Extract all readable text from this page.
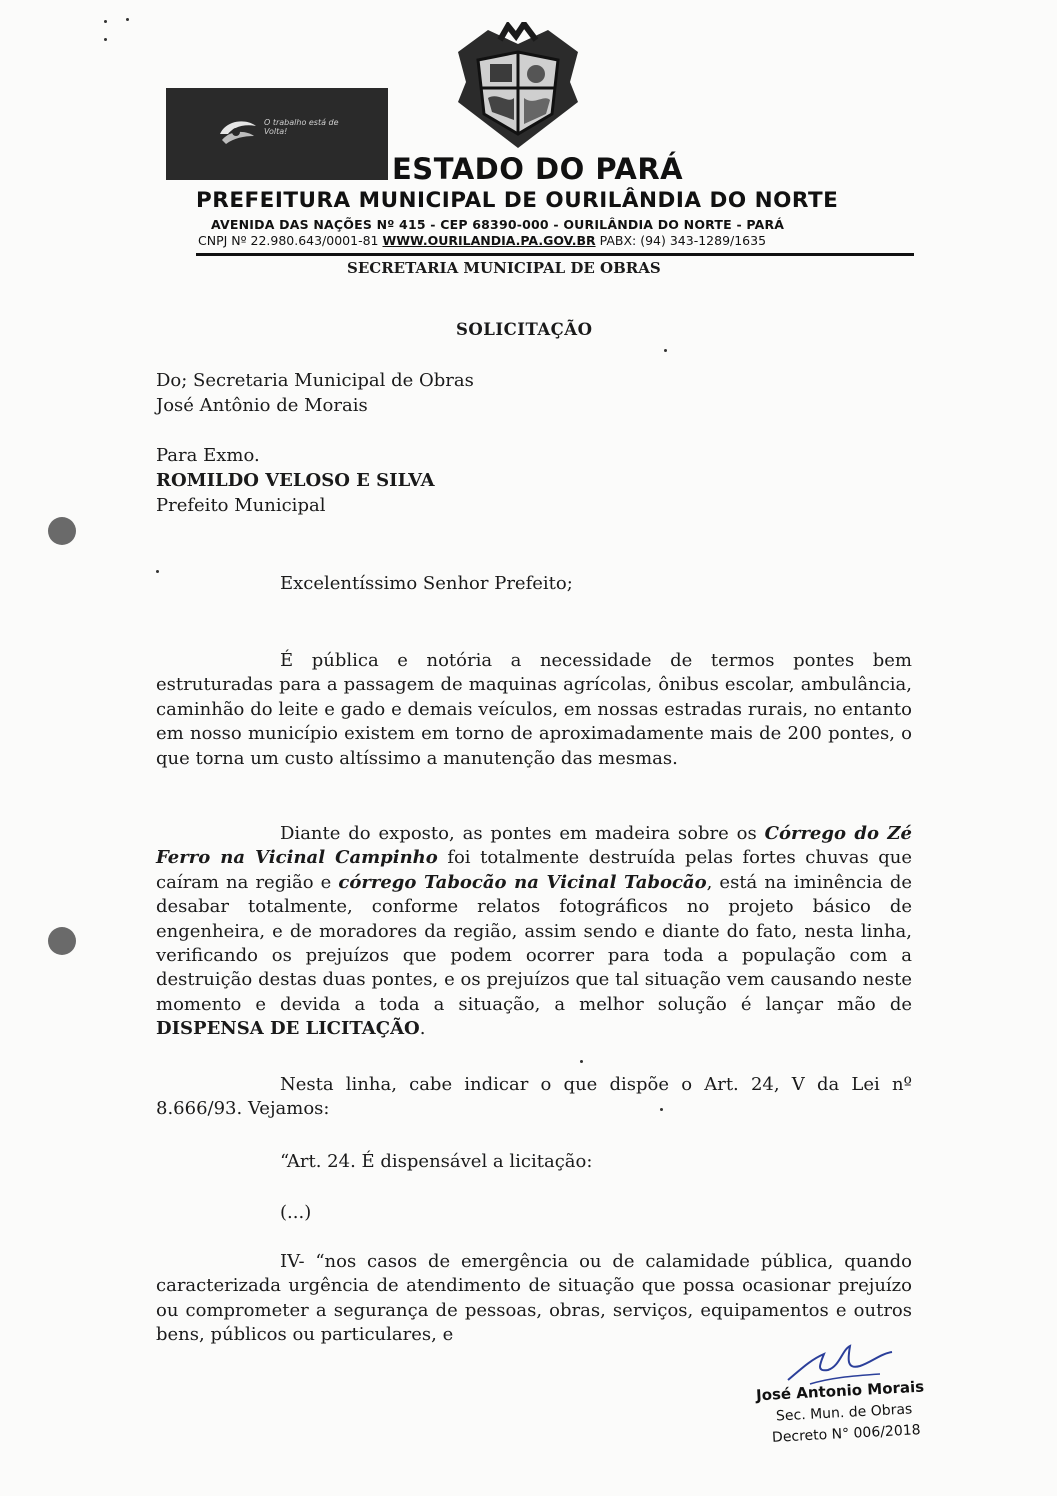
O trabalho está de Volta!
ESTADO DO PARÁ
PREFEITURA MUNICIPAL DE OURILÂNDIA DO NORTE
AVENIDA DAS NAÇÕES Nº 415 - CEP 68390-000 - OURILÂNDIA DO NORTE - PARÁ
CNPJ Nº 22.980.643/0001-81 WWW.OURILANDIA.PA.GOV.BR PABX: (94) 343-1289/1635
SECRETARIA MUNICIPAL DE OBRAS
SOLICITAÇÃO
Do; Secretaria Municipal de Obras
José Antônio de Morais
Para Exmo.
ROMILDO VELOSO E SILVA
Prefeito Municipal
Excelentíssimo Senhor Prefeito;
É pública e notória a necessidade de termos pontes bem estruturadas para a passagem de maquinas agrícolas, ônibus escolar, ambulância, caminhão do leite e gado e demais veículos, em nossas estradas rurais, no entanto em nosso município existem em torno de aproximadamente mais de 200 pontes, o que torna um custo altíssimo a manutenção das mesmas.
Diante do exposto, as pontes em madeira sobre os Córrego do Zé Ferro na Vicinal Campinho foi totalmente destruída pelas fortes chuvas que caíram na região e córrego Tabocão na Vicinal Tabocão, está na iminência de desabar totalmente, conforme relatos fotográficos no projeto básico de engenheira, e de moradores da região, assim sendo e diante do fato, nesta linha, verificando os prejuízos que podem ocorrer para toda a população com a destruição destas duas pontes, e os prejuízos que tal situação vem causando neste momento e devida a toda a situação, a melhor solução é lançar mão de DISPENSA DE LICITAÇÃO.
Nesta linha, cabe indicar o que dispõe o Art. 24, V da Lei nº 8.666/93. Vejamos:
“Art. 24. É dispensável a licitação:
(...)
IV- “nos casos de emergência ou de calamidade pública, quando caracterizada urgência de atendimento de situação que possa ocasionar prejuízo ou comprometer a segurança de pessoas, obras, serviços, equipamentos e outros bens, públicos ou particulares, e
José Antonio Morais
Sec. Mun. de Obras
Decreto N° 006/2018
